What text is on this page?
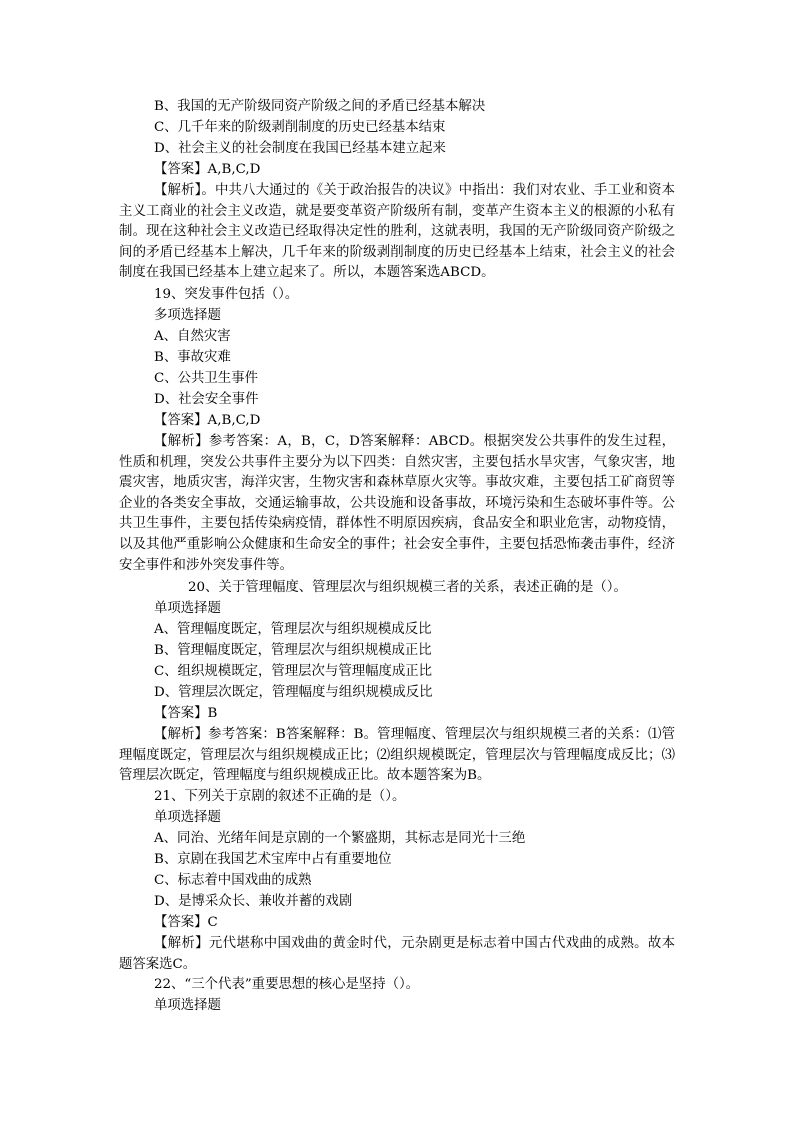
B、我国的无产阶级同资产阶级之间的矛盾已经基本解决
C、几千年来的阶级剥削制度的历史已经基本结束
D、社会主义的社会制度在我国已经基本建立起来
【答案】A,B,C,D
【解析】。中共八大通过的《关于政治报告的决议》中指出：我们对农业、手工业和资本主义工商业的社会主义改造，就是要变革资产阶级所有制，变革产生资本主义的根源的小私有制。现在这种社会主义改造已经取得决定性的胜利，这就表明，我国的无产阶级同资产阶级之间的矛盾已经基本上解决，几千年来的阶级剥削制度的历史已经基本上结束，社会主义的社会制度在我国已经基本上建立起来了。所以，本题答案选ABCD。
19、突发事件包括（）。
多项选择题
A、自然灾害
B、事故灾难
C、公共卫生事件
D、社会安全事件
【答案】A,B,C,D
【解析】参考答案：A，B，C，D答案解释：ABCD。根据突发公共事件的发生过程，性质和机理，突发公共事件主要分为以下四类：自然灾害，主要包括水旱灾害，气象灾害，地震灾害，地质灾害，海洋灾害，生物灾害和森林草原火灾等。事故灾难，主要包括工矿商贸等企业的各类安全事故，交通运输事故，公共设施和设备事故，环境污染和生态破坏事件等。公共卫生事件，主要包括传染病疫情，群体性不明原因疾病，食品安全和职业危害，动物疫情，以及其他严重影响公众健康和生命安全的事件；社会安全事件，主要包括恐怖袭击事件，经济安全事件和涉外突发事件等。
20、关于管理幅度、管理层次与组织规模三者的关系，表述正确的是（）。
单项选择题
A、管理幅度既定，管理层次与组织规模成反比
B、管理幅度既定，管理层次与组织规模成正比
C、组织规模既定，管理层次与管理幅度成正比
D、管理层次既定，管理幅度与组织规模成反比
【答案】B
【解析】参考答案：B答案解释：B。管理幅度、管理层次与组织规模三者的关系：⑴管理幅度既定，管理层次与组织规模成正比；⑵组织规模既定，管理层次与管理幅度成反比；⑶管理层次既定，管理幅度与组织规模成正比。故本题答案为B。
21、下列关于京剧的叙述不正确的是（）。
单项选择题
A、同治、光绪年间是京剧的一个繁盛期，其标志是同光十三绝
B、京剧在我国艺术宝库中占有重要地位
C、标志着中国戏曲的成熟
D、是博采众长、兼收并蓄的戏剧
【答案】C
【解析】元代堪称中国戏曲的黄金时代，元杂剧更是标志着中国古代戏曲的成熟。故本题答案选C。
22、“三个代表”重要思想的核心是坚持（）。
单项选择题
